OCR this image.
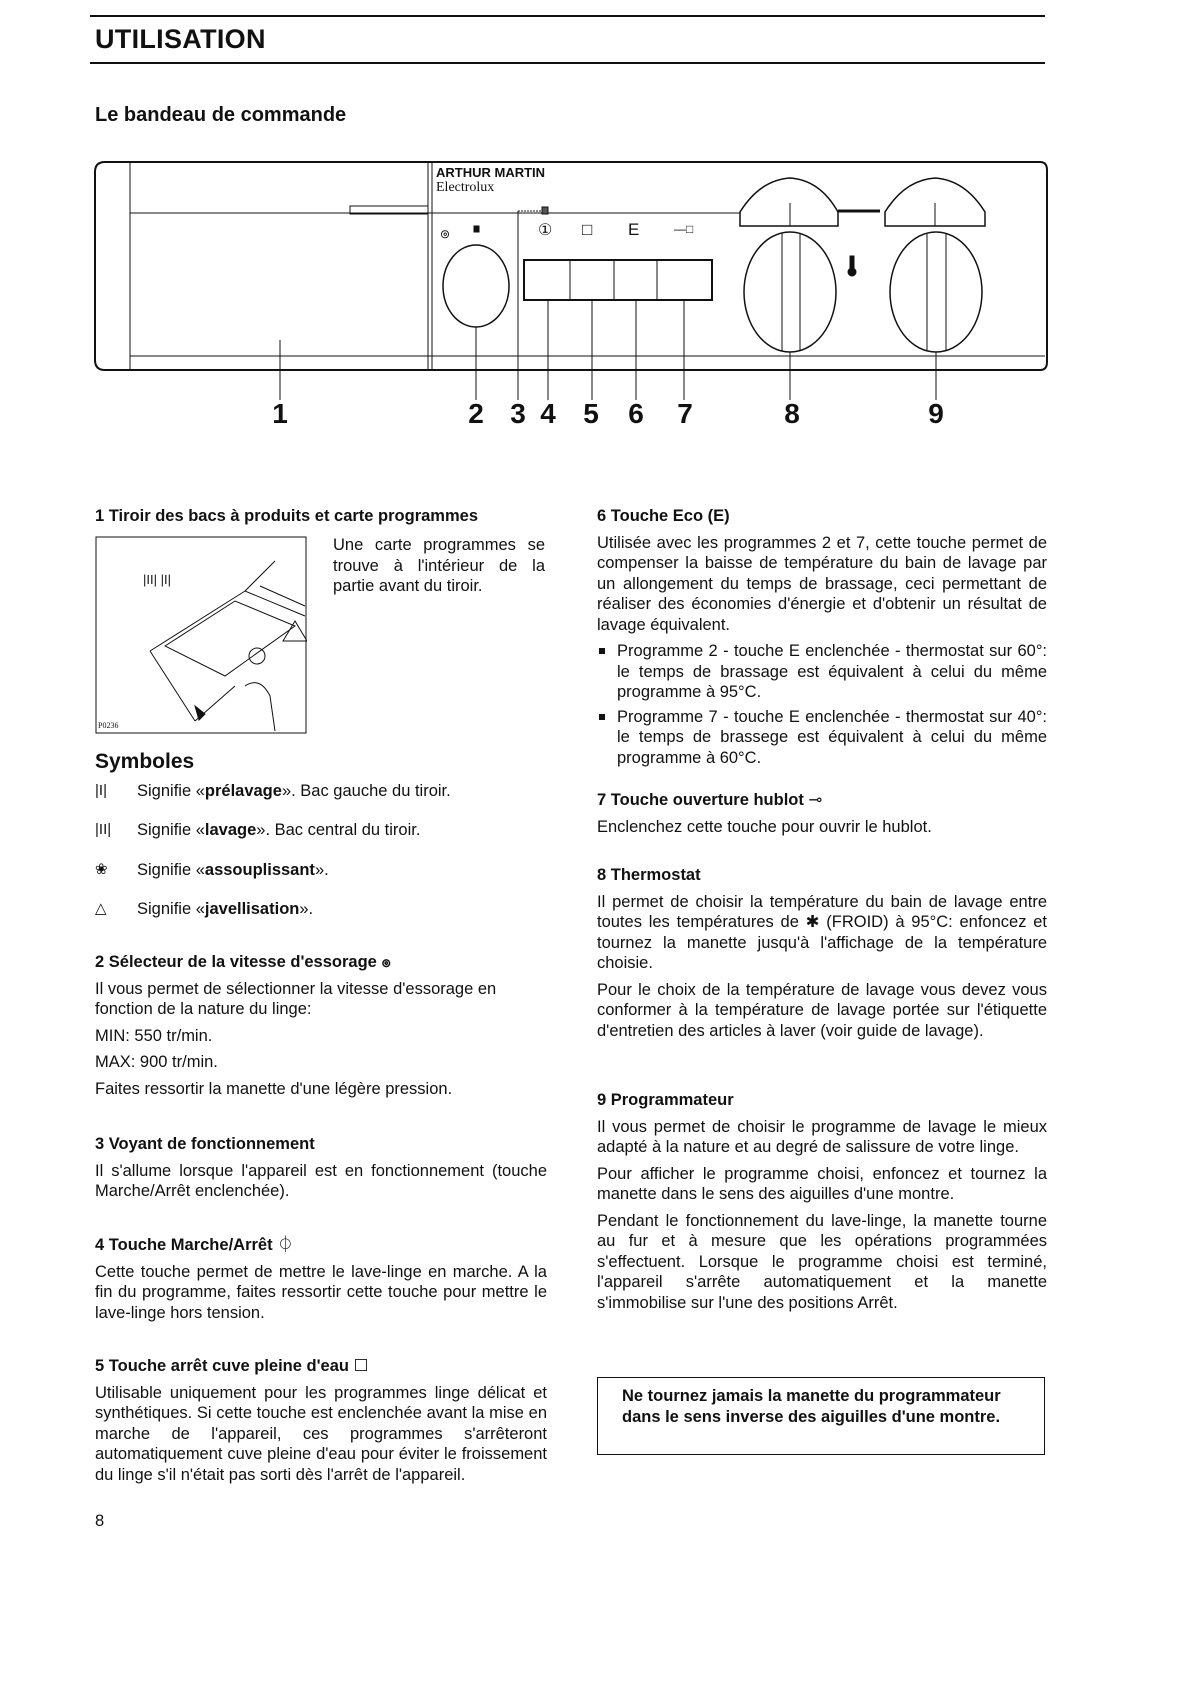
UTILISATION
Le bandeau de commande
ARTHUR MARTIN
Electrolux
ၜ	① □ E	—□
1	2 3 4 5 6 7	8	9
1 Tiroir des bacs à produits et carte programmes
|II| |I|
P0236
Une carte programmes se trouve à l'intérieur de la partie avant du tiroir.
Symboles
|I|	Signifie «prélavage». Bac gauche du tiroir.
|II|	Signifie «lavage». Bac central du tiroir.
❀	Signifie «assouplissant».
△	Signifie «javellisation».
2 Sélecteur de la vitesse d'essorage ၜ

Il vous permet de sélectionner la vitesse d'essorage en fonction de la nature du linge:

MIN: 550 tr/min.

MAX: 900 tr/min.

Faites ressortir la manette d'une légère pression.

3 Voyant de fonctionnement

Il s'allume lorsque l'appareil est en fonctionnement (touche Marche/Arrêt enclenchée).

4 Touche Marche/Arrêt ⏀

Cette touche permet de mettre le lave-linge en marche. A la fin du programme, faites ressortir cette touche pour mettre le lave-linge hors tension.

5 Touche arrêt cuve pleine d'eau ☐

Utilisable uniquement pour les programmes linge délicat et synthétiques. Si cette touche est enclenchée avant la mise en marche de l'appareil, ces programmes s'arrêteront automatiquement cuve pleine d'eau pour éviter le froissement du linge s'il n'était pas sorti dès l'arrêt de l'appareil.

8
6 Touche Eco (E)

Utilisée avec les programmes 2 et 7, cette touche permet de compenser la baisse de température du bain de lavage par un allongement du temps de brassage, ceci permettant de réaliser des économies d'énergie et d'obtenir un résultat de lavage équivalent.

Programme 2 - touche E enclenchée - thermostat sur 60°: le temps de brassage est équivalent à celui du même programme à 95°C.
Programme 7 - touche E enclenchée - thermostat sur 40°: le temps de brassege est équivalent à celui du même programme à 60°C.
7 Touche ouverture hublot ⊸

Enclenchez cette touche pour ouvrir le hublot.

8 Thermostat

Il permet de choisir la température du bain de lavage entre toutes les températures de ✱ (FROID) à 95°C: enfoncez et tournez la manette jusqu'à l'affichage de la température choisie.

Pour le choix de la température de lavage vous devez vous conformer à la température de lavage portée sur l'étiquette d'entretien des articles à laver (voir guide de lavage).

9 Programmateur

Il vous permet de choisir le programme de lavage le mieux adapté à la nature et au degré de salissure de votre linge.

Pour afficher le programme choisi, enfoncez et tournez la manette dans le sens des aiguilles d'une montre.

Pendant le fonctionnement du lave-linge, la manette tourne au fur et à mesure que les opérations programmées s'effectuent. Lorsque le programme choisi est terminé, l'appareil s'arrête automatiquement et la manette s'immobilise sur l'une des positions Arrêt.

Ne tournez jamais la manette du programmateur dans le sens inverse des aiguilles d'une montre.
